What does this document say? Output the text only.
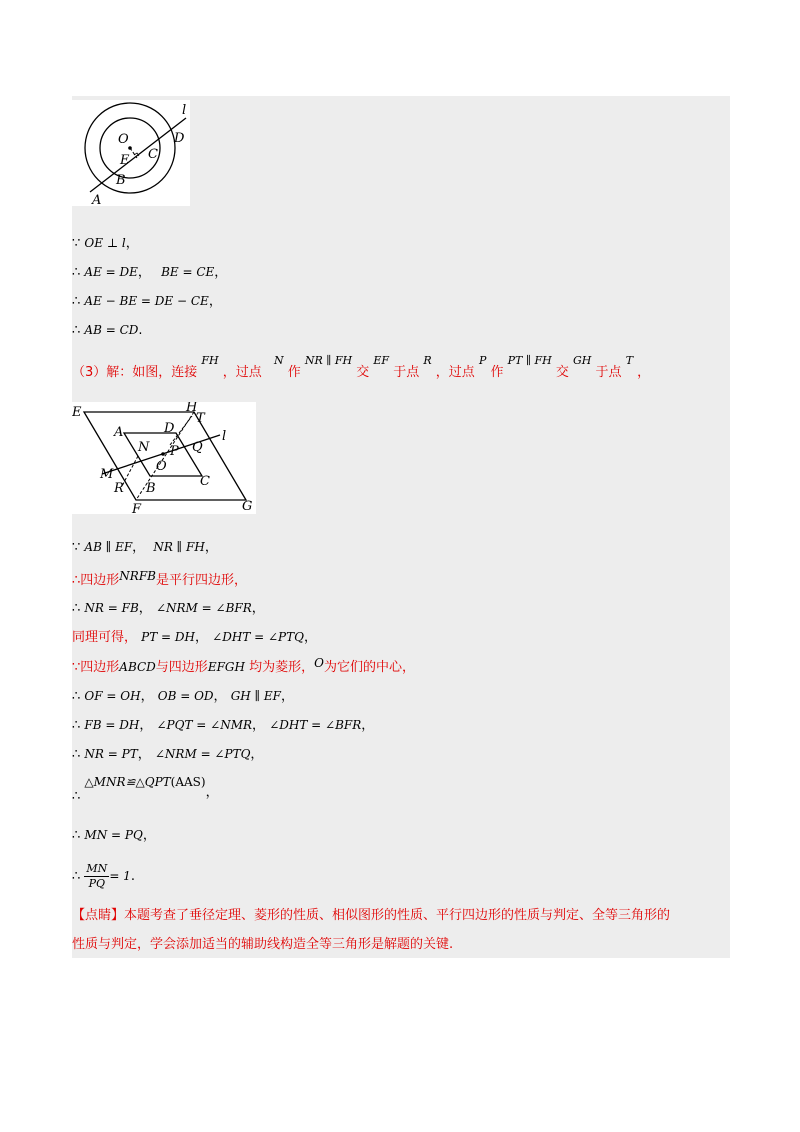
O
E C
D
l
B
A
∵ OE ⊥ l，
∴ AE = DE， BE = CE，
∴ AE − BE = DE − CE，
∴ AB = CD.
（3）解：如图，连接 $^{FH}$ ，过点 $^N$ 作 $^{NR \parallel FH}$ 交 $^{EF}$ 于点 $^R$ ，过点 $^P$ 作 $^{PT \parallel FH}$ 交 $^{GH}$ 于点 $^T$ ，
E	H
T
A	D
l
N P Q
O
M	C
R B
F	G
∵ AB ∥ EF， NR ∥ FH，
∴四边形NRFB是平行四边形，
∴ NR = FB， ∠NRM = ∠BFR，
同理可得， PT = DH， ∠DHT = ∠PTQ，
∵四边形ABCD与四边形EFGH 均为菱形，O为它们的中心，
∴ OF = OH， OB = OD， GH ∥ EF，
∴ FB = DH， ∠PQT = ∠NMR， ∠DHT = ∠BFR，
∴ NR = PT， ∠NRM = ∠PTQ，
∴ △MNR≌△QPT(AAS)，
∴ MN = PQ，
∴ $\frac{MN}{PQ} = 1$.
【点睛】本题考查了垂径定理、菱形的性质、相似图形的性质、平行四边形的性质与判定、全等三角形的
性质与判定，学会添加适当的辅助线构造全等三角形是解题的关键.
